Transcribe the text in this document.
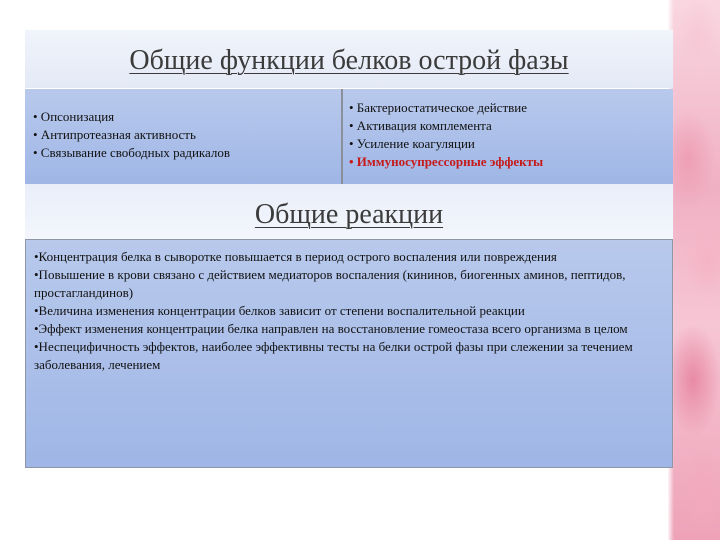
Общие функции белков острой фазы
• Опсонизация
• Антипротеазная активность
• Связывание свободных радикалов
• Бактериостатическое действие
• Активация комплемента
• Усиление коагуляции
• Иммуносупрессорные эффекты
Общие реакции

•Концентрация белка в сыворотке повышается в период острого воспаления или повреждения

•Повышение в крови связано с действием медиаторов воспаления (кининов, биогенных аминов, пептидов, простагландинов)

•Величина изменения концентрации белков зависит от степени воспалительной реакции

•Эффект изменения концентрации белка направлен на восстановление гомеостаза всего организма в целом

•Неспецифичность эффектов, наиболее эффективны тесты на белки острой фазы при слежении за течением заболевания, лечением
